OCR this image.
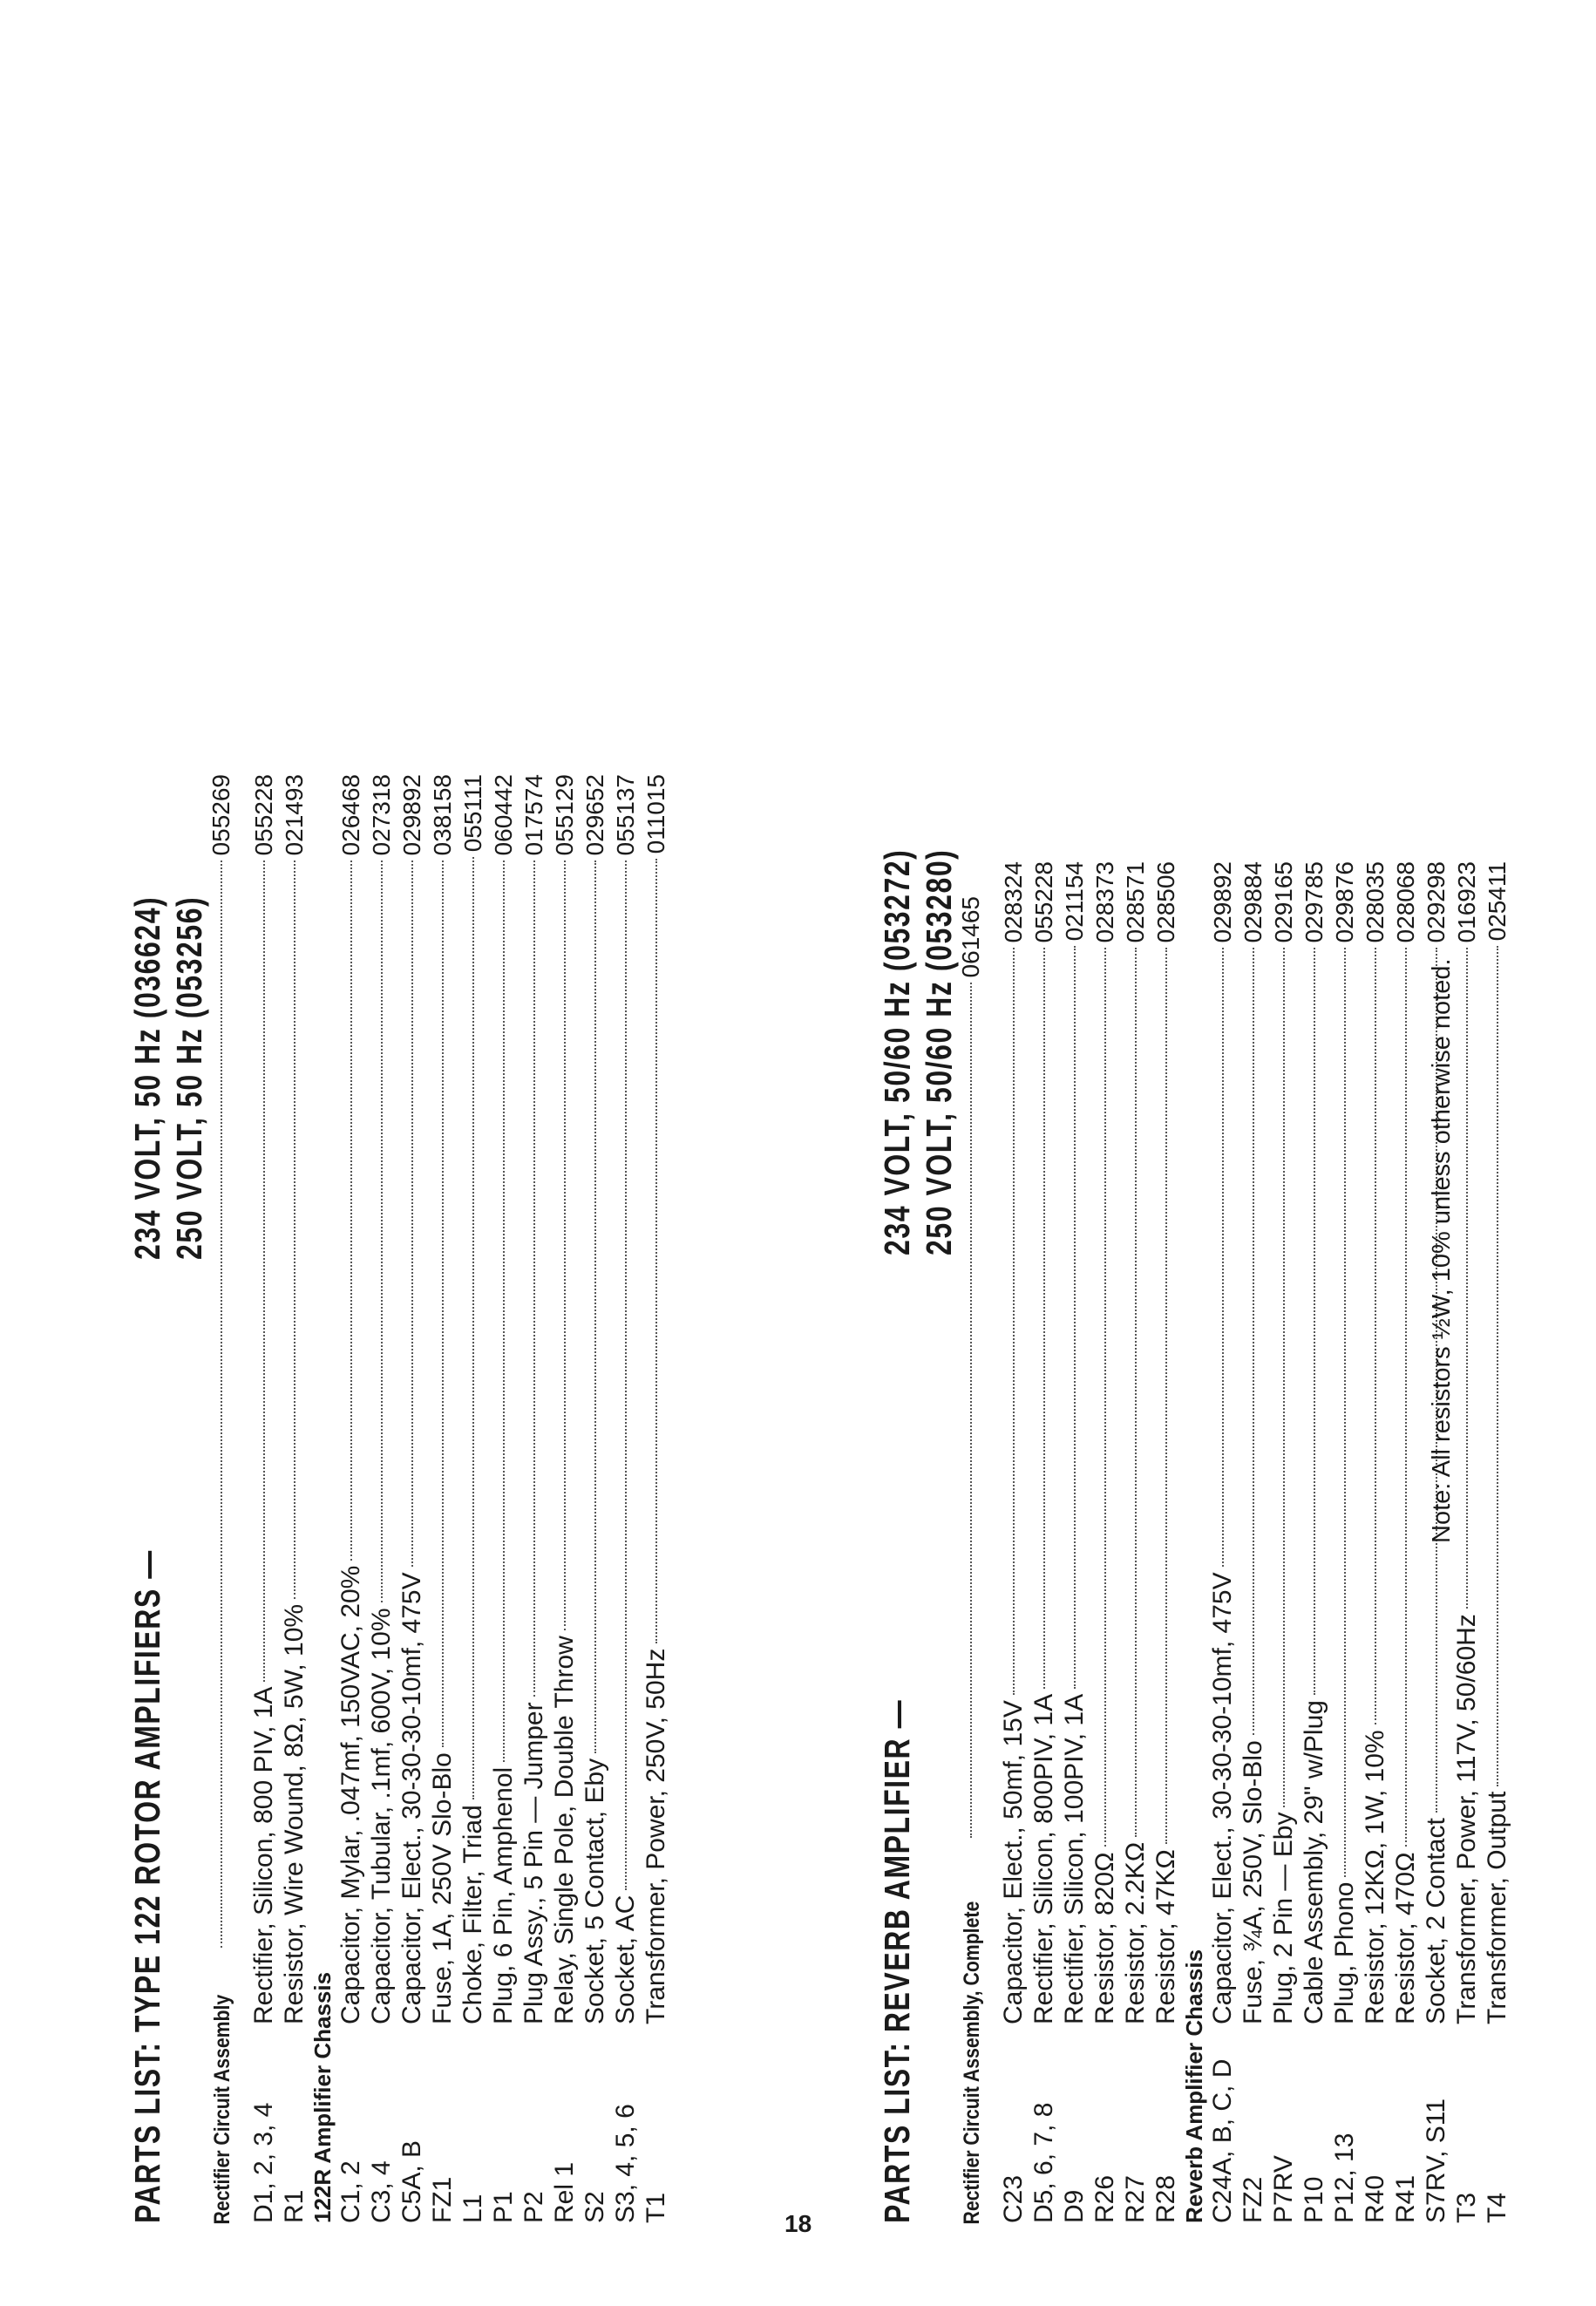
PARTS LIST: TYPE 122 ROTOR AMPLIFIERS —
234 VOLT, 50 Hz (036624) 250 VOLT, 50 Hz (053256)
Rectifier Circuit Assembly
055269
D1, 2, 3, 4
Rectifier, Silicon, 800 PIV, 1A
055228
R1
Resistor, Wire Wound, 8Ω, 5W, 10%
021493
122R Amplifier Chassis C1, 2
Capacitor, Mylar, .047mf, 150VAC, 20%
026468
C3, 4
Capacitor, Tubular, .1mf, 600V, 10%
027318
C5A, B
Capacitor, Elect., 30-30-30-10mf, 475V
029892
FZ1
Fuse, 1A, 250V Slo-Blo
038158
L1
Choke, Filter, Triad
055111
P1
Plug, 6 Pin, Amphenol
060442
P2
Plug Assy., 5 Pin — Jumper
017574
Rel 1
Relay, Single Pole, Double Throw
055129
S2
Socket, 5 Contact, Eby
029652
S3, 4, 5, 6
Socket, AC
055137
T1
Transformer, Power, 250V, 50Hz
011015
PARTS LIST: REVERB AMPLIFIER —
234 VOLT, 50/60 Hz (053272) 250 VOLT, 50/60 Hz (053280)
Rectifier Circuit Assembly, Complete
061465
C23
Capacitor, Elect., 50mf, 15V
028324
D5, 6, 7, 8
Rectifier, Silicon, 800PIV, 1A
055228
D9
Rectifier, Silicon, 100PIV, 1A
021154
R26
Resistor, 820Ω
028373
R27
Resistor, 2.2KΩ
028571
R28
Resistor, 47KΩ
028506
Reverb Amplifier Chassis C24A, B, C, D
Capacitor, Elect., 30-30-30-10mf, 475V
029892
FZ2
Fuse, ¾A, 250V, Slo-Blo
029884
P7RV
Plug, 2 Pin — Eby
029165
P10
Cable Assembly, 29" w/Plug
029785
P12, 13
Plug, Phono
029876
R40
Resistor, 12KΩ, 1W, 10%
028035
R41
Resistor, 470Ω
028068
S7RV, S11
Socket, 2 Contact
029298
T3
Transformer, Power, 117V, 50/60Hz
016923
T4
Transformer, Output
025411
Note: All resistors ½W, 10% unless otherwise noted.
18
